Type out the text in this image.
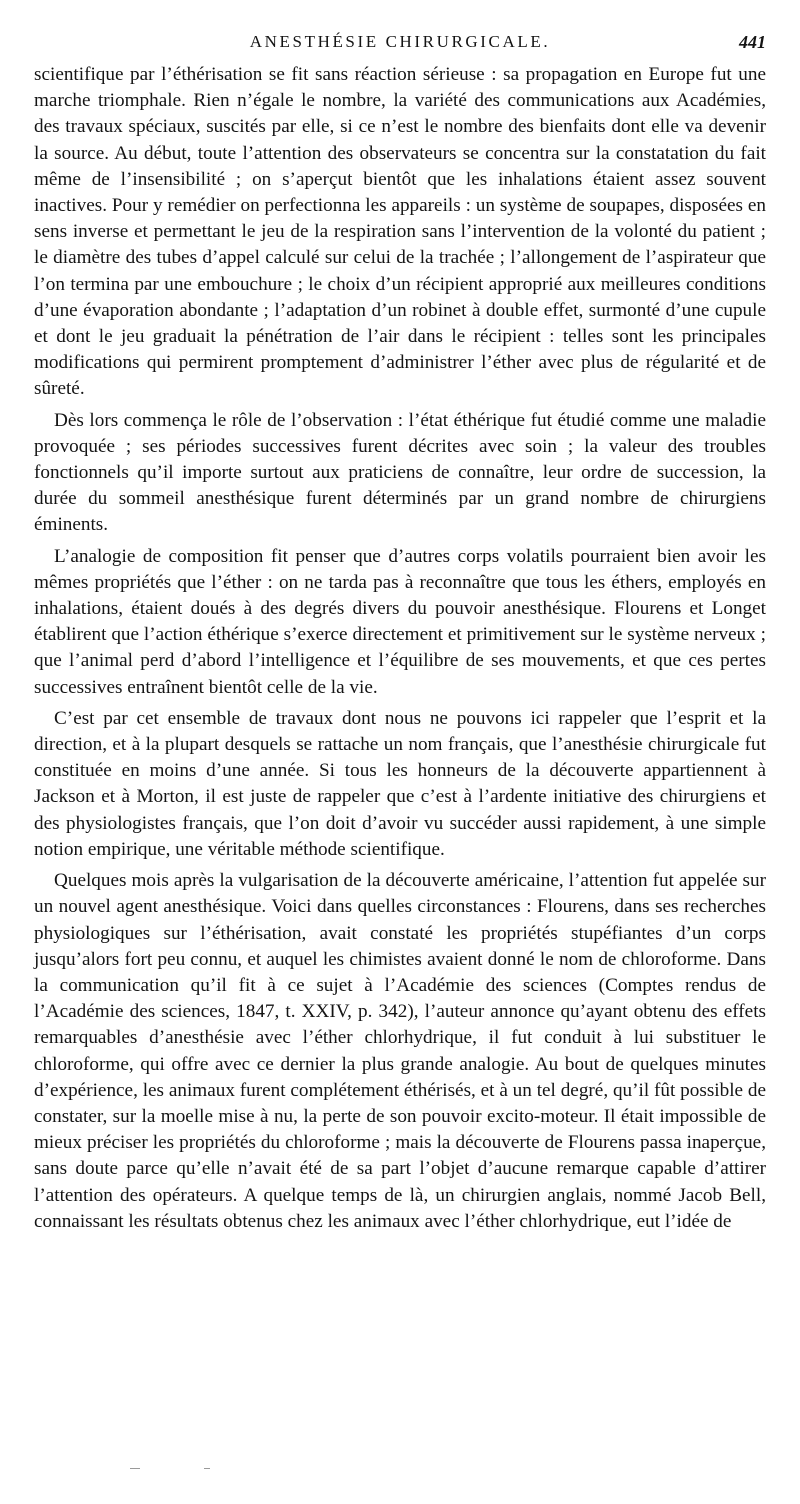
ANESTHÉSIE CHIRURGICALE.	441

scientifique par l’éthérisation se fit sans réaction sérieuse : sa propagation en Europe fut une marche triomphale. Rien n’égale le nombre, la variété des communications aux Académies, des travaux spéciaux, suscités par elle, si ce n’est le nombre des bienfaits dont elle va devenir la source. Au début, toute l’attention des observateurs se concentra sur la constatation du fait même de l’insensibilité ; on s’aperçut bientôt que les inhalations étaient assez souvent inactives. Pour y remédier on perfectionna les appareils : un système de soupapes, disposées en sens inverse et permettant le jeu de la respiration sans l’intervention de la volonté du patient ; le diamètre des tubes d’appel calculé sur celui de la trachée ; l’allongement de l’aspirateur que l’on termina par une embouchure ; le choix d’un récipient approprié aux meilleures conditions d’une évaporation abondante ; l’adaptation d’un robinet à double effet, surmonté d’une cupule et dont le jeu graduait la pénétration de l’air dans le récipient : telles sont les principales modifications qui permirent promptement d’administrer l’éther avec plus de régularité et de sûreté.

Dès lors commença le rôle de l’observation : l’état éthérique fut étudié comme une maladie provoquée ; ses périodes successives furent décrites avec soin ; la valeur des troubles fonctionnels qu’il importe surtout aux praticiens de connaître, leur ordre de succession, la durée du sommeil anesthésique furent déterminés par un grand nombre de chirurgiens éminents.

L’analogie de composition fit penser que d’autres corps volatils pourraient bien avoir les mêmes propriétés que l’éther : on ne tarda pas à reconnaître que tous les éthers, employés en inhalations, étaient doués à des degrés divers du pouvoir anesthésique. Flourens et Longet établirent que l’action éthérique s’exerce directement et primitivement sur le système nerveux ; que l’animal perd d’abord l’intelligence et l’équilibre de ses mouvements, et que ces pertes successives entraînent bientôt celle de la vie.

C’est par cet ensemble de travaux dont nous ne pouvons ici rappeler que l’esprit et la direction, et à la plupart desquels se rattache un nom français, que l’anesthésie chirurgicale fut constituée en moins d’une année. Si tous les honneurs de la découverte appartiennent à Jackson et à Morton, il est juste de rappeler que c’est à l’ardente initiative des chirurgiens et des physiologistes français, que l’on doit d’avoir vu succéder aussi rapidement, à une simple notion empirique, une véritable méthode scientifique.

Quelques mois après la vulgarisation de la découverte américaine, l’attention fut appelée sur un nouvel agent anesthésique. Voici dans quelles circonstances : Flourens, dans ses recherches physiologiques sur l’éthérisation, avait constaté les propriétés stupéfiantes d’un corps jusqu’alors fort peu connu, et auquel les chimistes avaient donné le nom de chloroforme. Dans la communication qu’il fit à ce sujet à l’Académie des sciences (Comptes rendus de l’Académie des sciences, 1847, t. XXIV, p. 342), l’auteur annonce qu’ayant obtenu des effets remarquables d’anesthésie avec l’éther chlorhydrique, il fut conduit à lui substituer le chloroforme, qui offre avec ce dernier la plus grande analogie. Au bout de quelques minutes d’expérience, les animaux furent complétement éthérisés, et à un tel degré, qu’il fût possible de constater, sur la moelle mise à nu, la perte de son pouvoir excito-moteur. Il était impossible de mieux préciser les propriétés du chloroforme ; mais la découverte de Flourens passa inaperçue, sans doute parce qu’elle n’avait été de sa part l’objet d’aucune remarque capable d’attirer l’attention des opérateurs. A quelque temps de là, un chirurgien anglais, nommé Jacob Bell, connaissant les résultats obtenus chez les animaux avec l’éther chlorhydrique, eut l’idée de
